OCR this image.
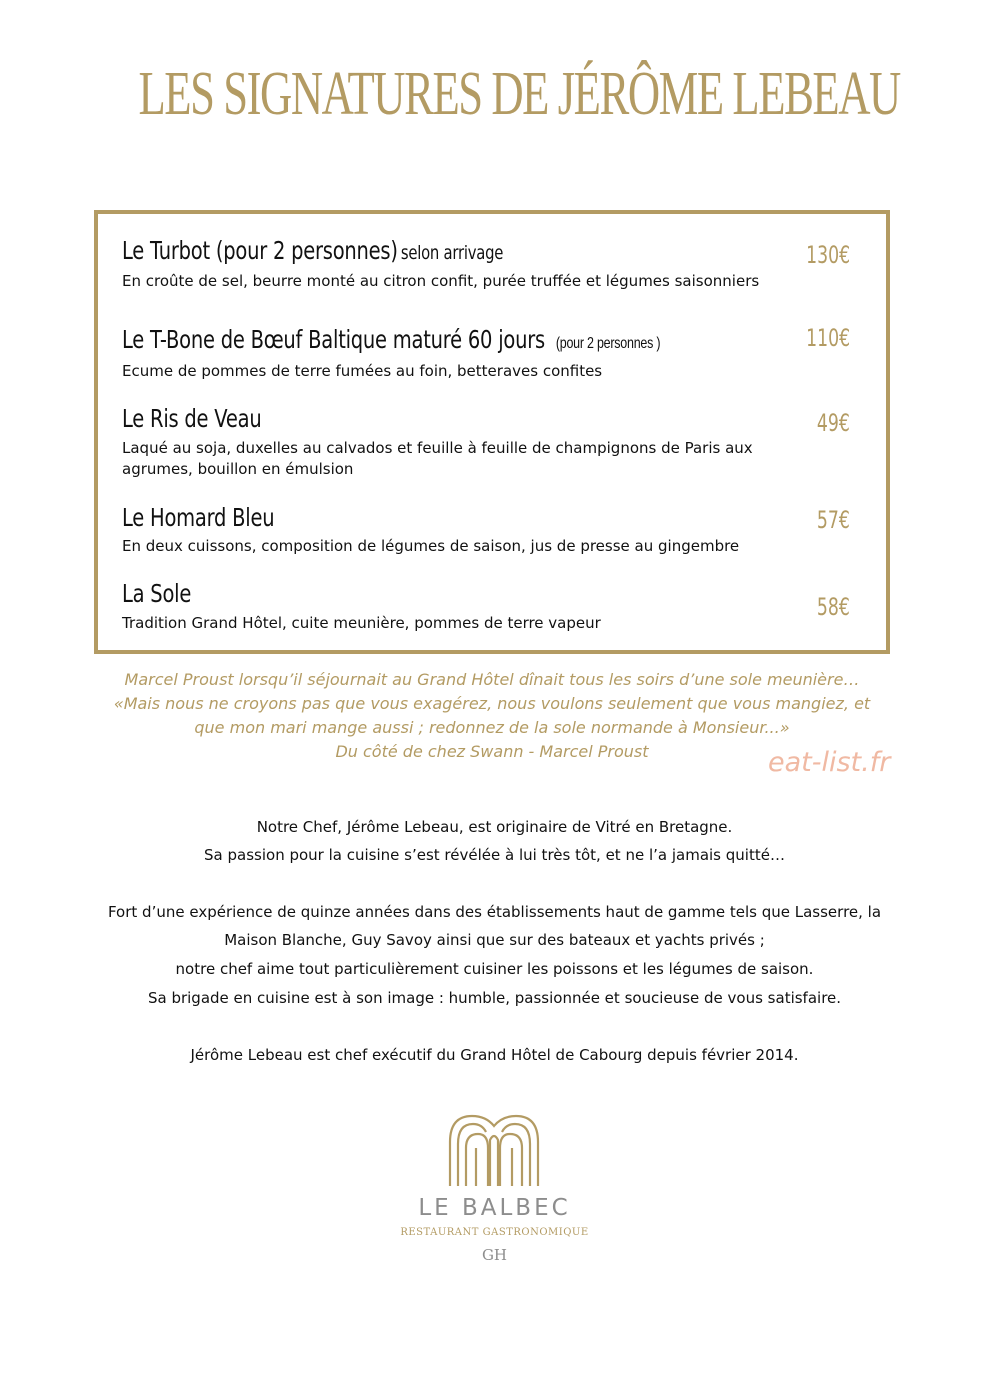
LES SIGNATURES DE JÉRÔME LEBEAU
Le Turbot (pour 2 personnes) selon arrivage	130€
En croûte de sel, beurre monté au citron confit, purée truffée et légumes saisonniers
Le T-Bone de Bœuf Baltique maturé 60 jours (pour 2 personnes )	110€
Ecume de pommes de terre fumées au foin, betteraves confites
Le Ris de Veau	49€
Laqué au soja, duxelles au calvados et feuille à feuille de champignons de Paris aux agrumes, bouillon en émulsion
Le Homard Bleu	57€
En deux cuissons, composition de légumes de saison, jus de presse au gingembre
La Sole	58€
Tradition Grand Hôtel, cuite meunière, pommes de terre vapeur
Marcel Proust lorsqu’il séjournait au Grand Hôtel dînait tous les soirs d’une sole meunière…
«Mais nous ne croyons pas que vous exagérez, nous voulons seulement que vous mangiez, et
que mon mari mange aussi ; redonnez de la sole normande à Monsieur...»
Du côté de chez Swann - Marcel Proust	eat-list.fr
Notre Chef, Jérôme Lebeau, est originaire de Vitré en Bretagne.
Sa passion pour la cuisine s’est révélée à lui très tôt, et ne l’a jamais quitté…
Fort d’une expérience de quinze années dans des établissements haut de gamme tels que Lasserre, la
Maison Blanche, Guy Savoy ainsi que sur des bateaux et yachts privés ;
notre chef aime tout particulièrement cuisiner les poissons et les légumes de saison.
Sa brigade en cuisine est à son image : humble, passionnée et soucieuse de vous satisfaire.
Jérôme Lebeau est chef exécutif du Grand Hôtel de Cabourg depuis février 2014.
LE BALBEC
RESTAURANT GASTRONOMIQUE
GH
